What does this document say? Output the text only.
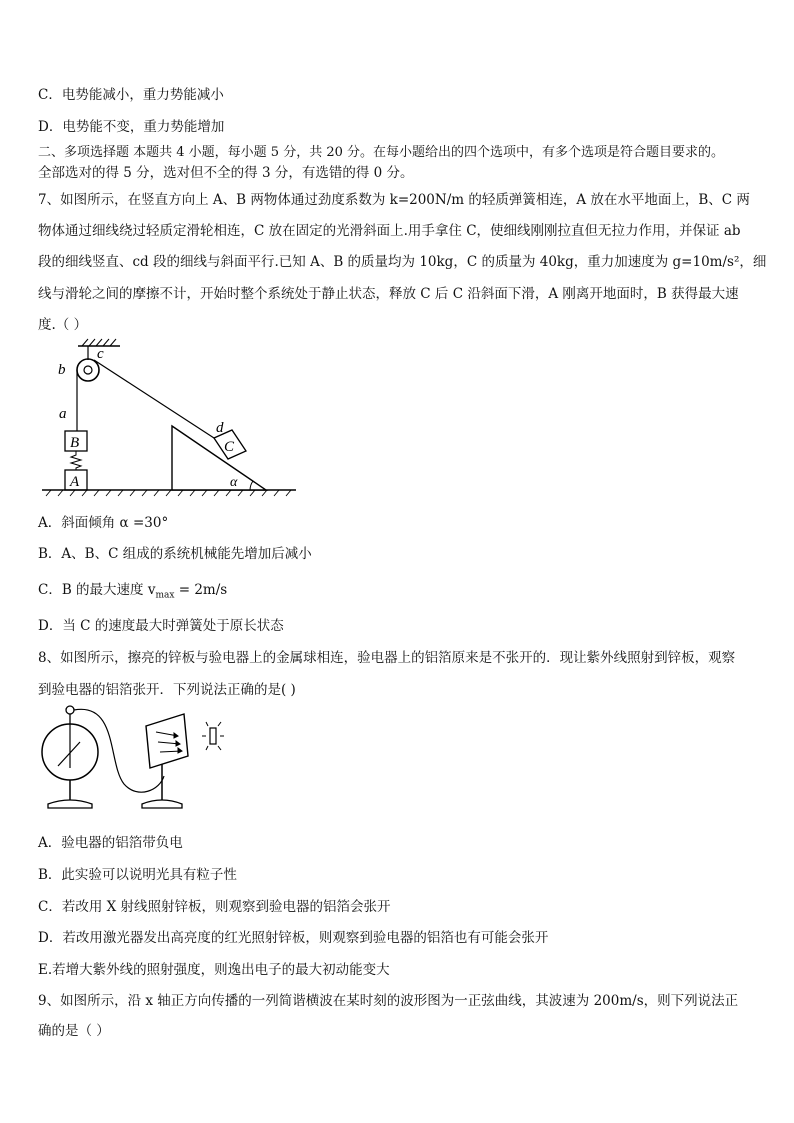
C．电势能减小，重力势能减小
D．电势能不变，重力势能增加
二、多项选择题 本题共 4 小题，每小题 5 分，共 20 分。在每小题给出的四个选项中，有多个选项是符合题目要求的。
全部选对的得 5 分，选对但不全的得 3 分，有选错的得 0 分。
7、如图所示，在竖直方向上 A、B 两物体通过劲度系数为 k=200N/m 的轻质弹簧相连，A 放在水平地面上，B、C 两
物体通过细线绕过轻质定滑轮相连，C 放在固定的光滑斜面上.用手拿住 C，使细线刚刚拉直但无拉力作用，并保证 ab
段的细线竖直、cd 段的细线与斜面平行.已知 A、B 的质量均为 10kg，C 的质量为 40kg，重力加速度为 g=10m/s²，细
线与滑轮之间的摩擦不计，开始时整个系统处于静止状态，释放 C 后 C 沿斜面下滑，A 刚离开地面时，B 获得最大速
度.（ ）
c
b
a
B
A
d
C
α
A．斜面倾角 α =30°
B．A、B、C 组成的系统机械能先增加后减小
C．B 的最大速度 $v_{max} = 2m/s$
D．当 C 的速度最大时弹簧处于原长状态
8、如图所示，擦亮的锌板与验电器上的金属球相连，验电器上的铝箔原来是不张开的．现让紫外线照射到锌板，观察
到验电器的铝箔张开．下列说法正确的是( )
A．验电器的铝箔带负电
B．此实验可以说明光具有粒子性
C．若改用 X 射线照射锌板，则观察到验电器的铝箔会张开
D．若改用激光器发出高亮度的红光照射锌板，则观察到验电器的铝箔也有可能会张开
E.若增大紫外线的照射强度，则逸出电子的最大初动能变大
9、如图所示，沿 x 轴正方向传播的一列简谐横波在某时刻的波形图为一正弦曲线，其波速为 200m/s，则下列说法正
确的是（ ）
